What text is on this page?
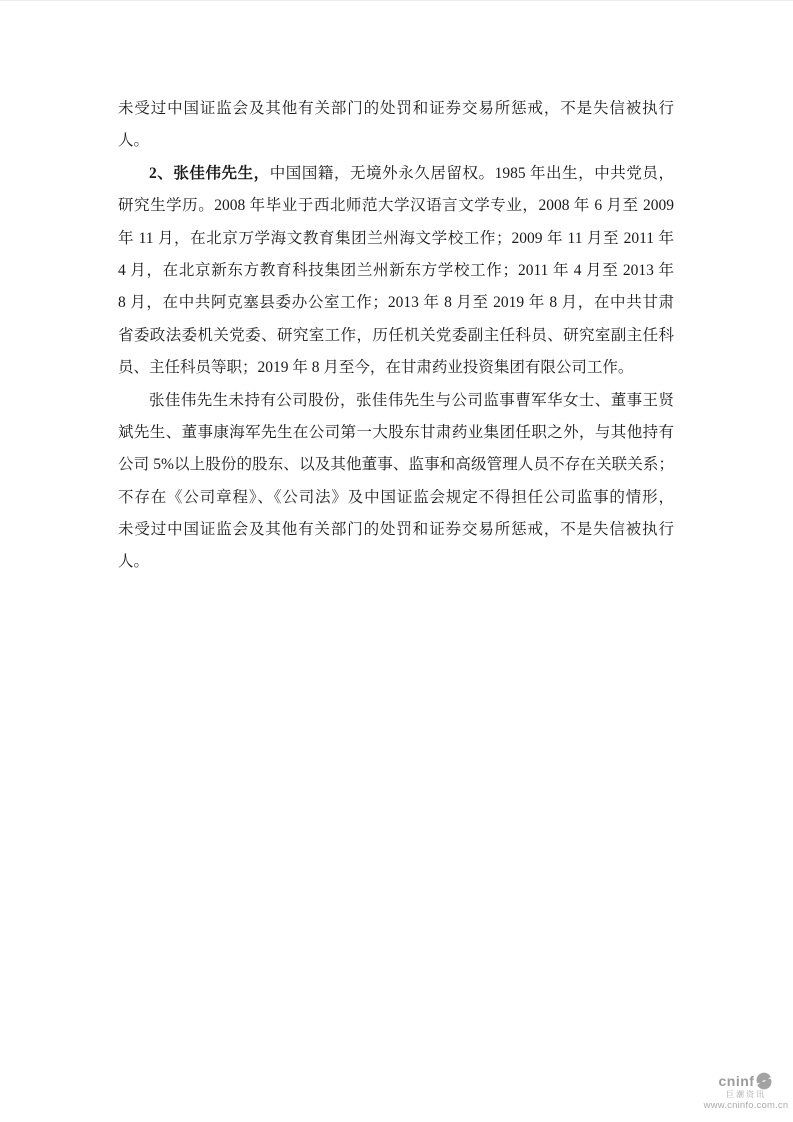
未受过中国证监会及其他有关部门的处罚和证券交易所惩戒，不是失信被执行
人。
2、张佳伟先生，中国国籍，无境外永久居留权。1985 年出生，中共党员，
研究生学历。2008 年毕业于西北师范大学汉语言文学专业，2008 年 6 月至 2009
年 11 月，在北京万学海文教育集团兰州海文学校工作；2009 年 11 月至 2011 年
4 月，在北京新东方教育科技集团兰州新东方学校工作；2011 年 4 月至 2013 年
8 月，在中共阿克塞县委办公室工作；2013 年 8 月至 2019 年 8 月，在中共甘肃
省委政法委机关党委、研究室工作，历任机关党委副主任科员、研究室副主任科
员、主任科员等职；2019 年 8 月至今，在甘肃药业投资集团有限公司工作。
张佳伟先生未持有公司股份，张佳伟先生与公司监事曹军华女士、董事王贤
斌先生、董事康海军先生在公司第一大股东甘肃药业集团任职之外，与其他持有
公司 5%以上股份的股东、以及其他董事、监事和高级管理人员不存在关联关系；
不存在《公司章程》、《公司法》及中国证监会规定不得担任公司监事的情形，
未受过中国证监会及其他有关部门的处罚和证券交易所惩戒，不是失信被执行
人。
cninf
巨潮资讯
www.cninfo.com.cn
